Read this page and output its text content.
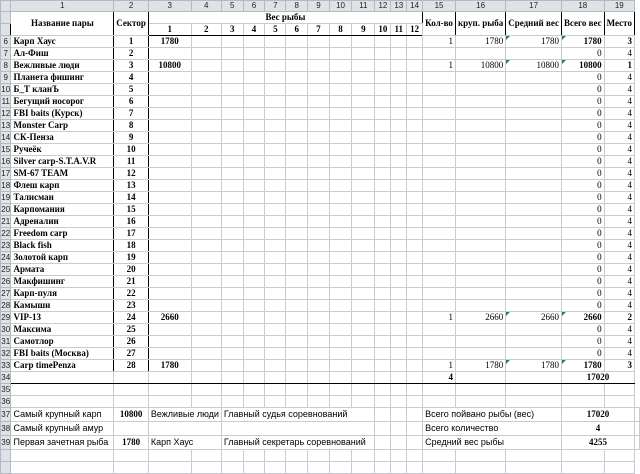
	1	2	3	4	5	6	7	8	9	10	11	12	13	14	15	16	17	18	19	
	Название пары	Сектор	Вес рыбы												Кол-во	круп. рыба	Средний вес	Всего вес	Место	
			1	2	3	4	5	6	7	8	9	10	11	12						
6	Карп Хаус	1	1780												1	1780	1780	1780	3	
7	Ал-Фиш	2																0	4	
8	Вежливые люди	3	10800												1	10800	10800	10800	1	
9	Планета фишинг	4																0	4	
10	Б_Т кланЪ	5																0	4	
11	Бегущий носорог	6																0	4	
12	FBI baits (Курск)	7																0	4	
13	Monster Carp	8																0	4	
14	СК-Пенза	9																0	4	
15	Ручеёк	10																0	4	
16	Silver carp-S.T.A.V.R	11																0	4	
17	SM-67 TEAM	12																0	4	
18	Флеш карп	13																0	4	
19	Талисман	14																0	4	
20	Карпомания	15																0	4	
21	Адреналин	16																0	4	
22	Freedom carp	17																0	4	
23	Black fish	18																0	4	
24	Золотой карп	19																0	4	
25	Армата	20																0	4	
26	Макфишинг	21																0	4	
27	Карп-пуля	22																0	4	
28	Камыши	23																0	4	
29	VIP-13	24	2660												1	2660	2660	2660	2	
30	Максима	25																0	4	
31	Самотлор	26																0	4	
32	FBI baits (Москва)	27																0	4	
33	Carp timePenza	28	1780												1	1780	1780	1780	3	
34															4			17020		
35																				
36																				
37	Самый крупный карп	10800	Вежливые люди		Главный судья соревнований										Всего пойвано рыбы (вес)			17020		
38	Самый крупный амур														Всего количество			4		
39	Первая зачетная рыба	1780	Карп Хаус		Главный секретарь соревнований										Средний вес рыбы			4255		
